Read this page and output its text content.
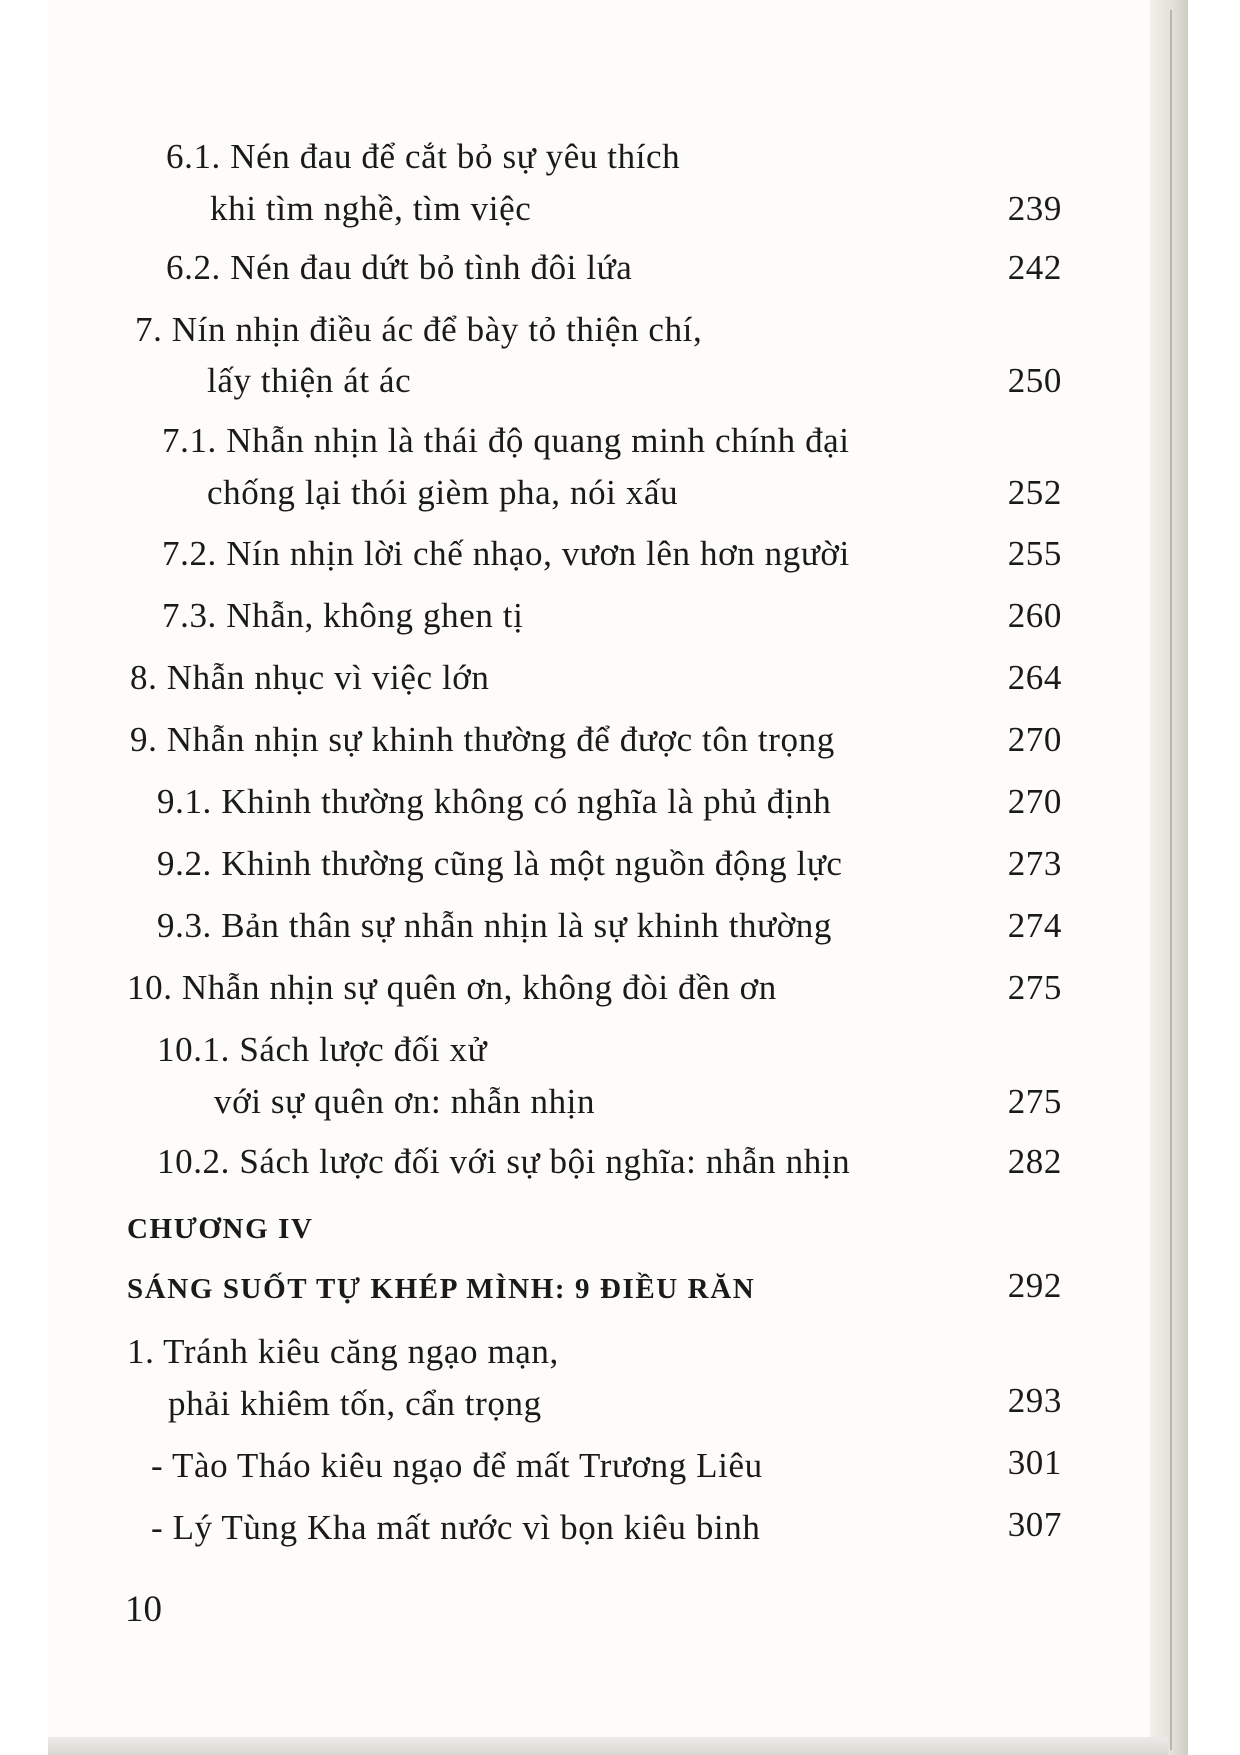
6.1. Nén đau để cắt bỏ sự yêu thích
khi tìm nghề, tìm việc	239
6.2. Nén đau dứt bỏ tình đôi lứa	242
7. Nín nhịn điều ác để bày tỏ thiện chí,
lấy thiện át ác	250
7.1. Nhẫn nhịn là thái độ quang minh chính đại
chống lại thói gièm pha, nói xấu	252
7.2. Nín nhịn lời chế nhạo, vươn lên hơn người	255
7.3. Nhẫn, không ghen tị	260
8. Nhẫn nhục vì việc lớn	264
9. Nhẫn nhịn sự khinh thường để được tôn trọng	270
9.1. Khinh thường không có nghĩa là phủ định	270
9.2. Khinh thường cũng là một nguồn động lực	273
9.3. Bản thân sự nhẫn nhịn là sự khinh thường	274
10. Nhẫn nhịn sự quên ơn, không đòi đền ơn	275
10.1. Sách lược đối xử
với sự quên ơn: nhẫn nhịn	275
10.2. Sách lược đối với sự bội nghĩa: nhẫn nhịn	282
CHƯƠNG IV
SÁNG SUỐT TỰ KHÉP MÌNH: 9 ĐIỀU RĂN	292
1. Tránh kiêu căng ngạo mạn,
phải khiêm tốn, cẩn trọng	293
- Tào Tháo kiêu ngạo để mất Trương Liêu	301
- Lý Tùng Kha mất nước vì bọn kiêu binh	307
10
